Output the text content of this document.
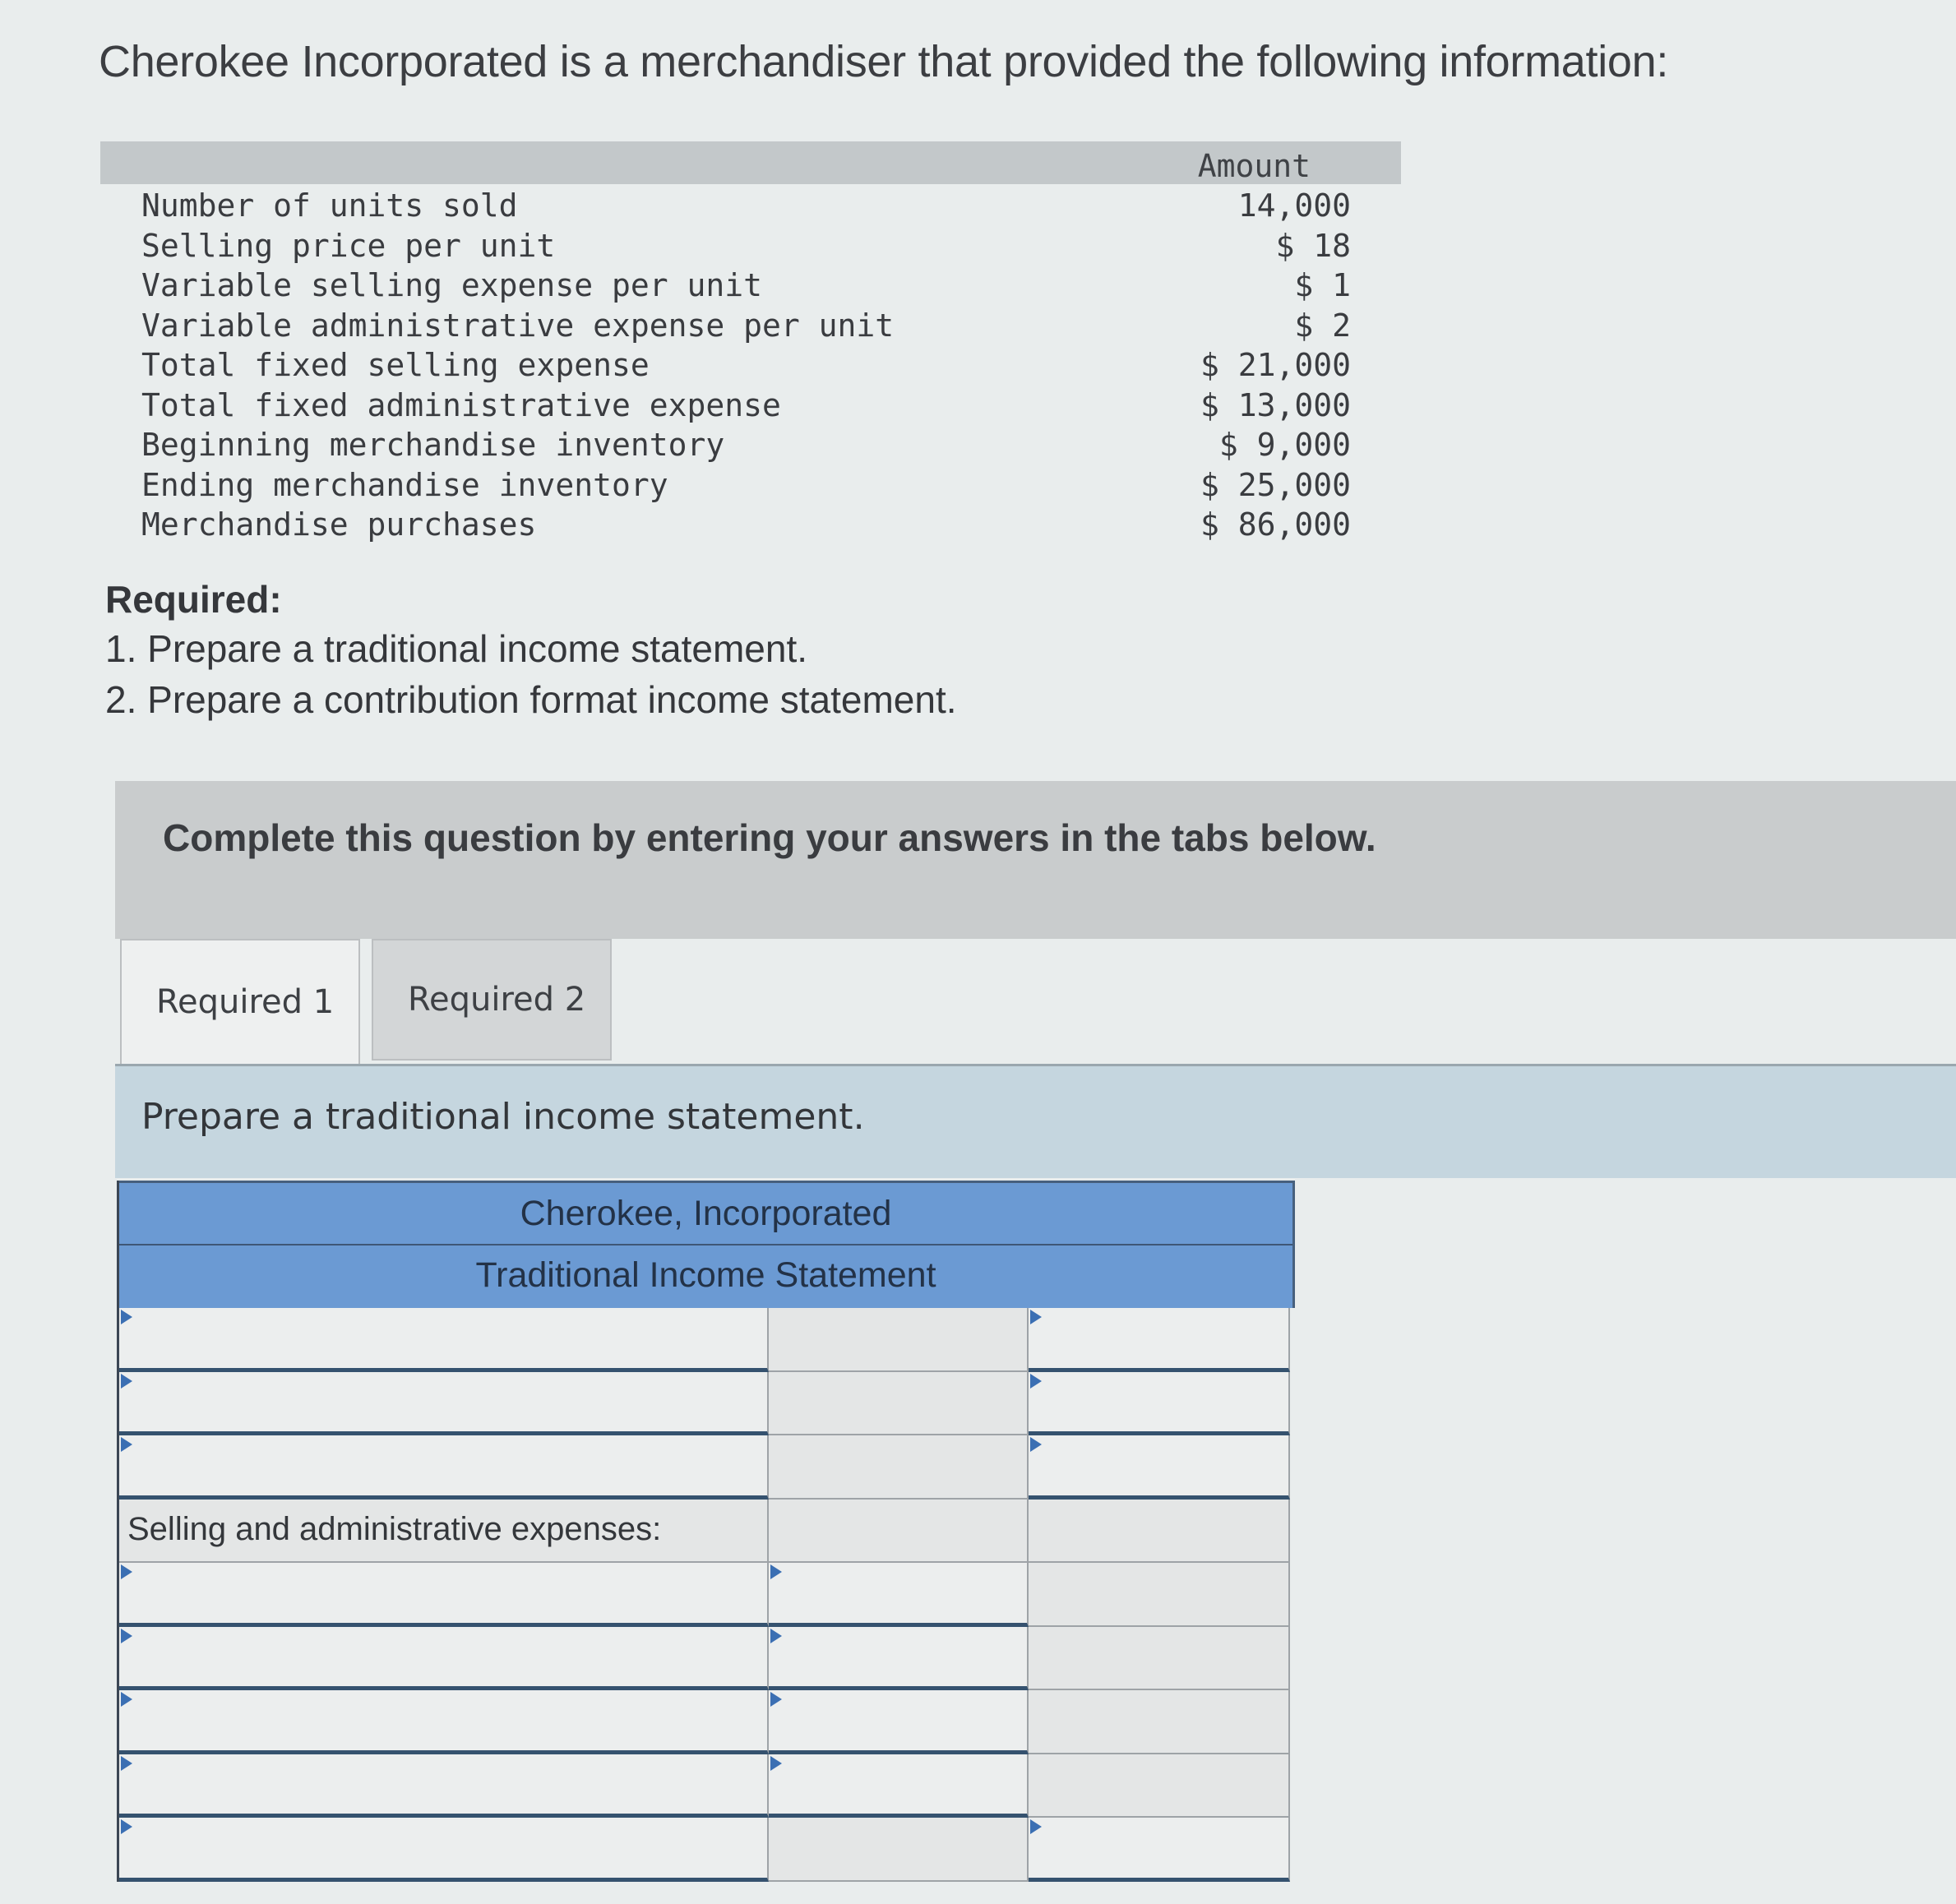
Cherokee Incorporated is a merchandiser that provided the following information:
Amount
Number of units sold	14,000
Selling price per unit	$ 18
Variable selling expense per unit	$ 1
Variable administrative expense per unit	$ 2
Total fixed selling expense	$ 21,000
Total fixed administrative expense	$ 13,000
Beginning merchandise inventory	$ 9,000
Ending merchandise inventory	$ 25,000
Merchandise purchases	$ 86,000
Required:
1. Prepare a traditional income statement.
2. Prepare a contribution format income statement.
Complete this question by entering your answers in the tabs below.
Required 1	Required 2
Prepare a traditional income statement.
Cherokee, Incorporated
Traditional Income Statement
Selling and administrative expenses:
